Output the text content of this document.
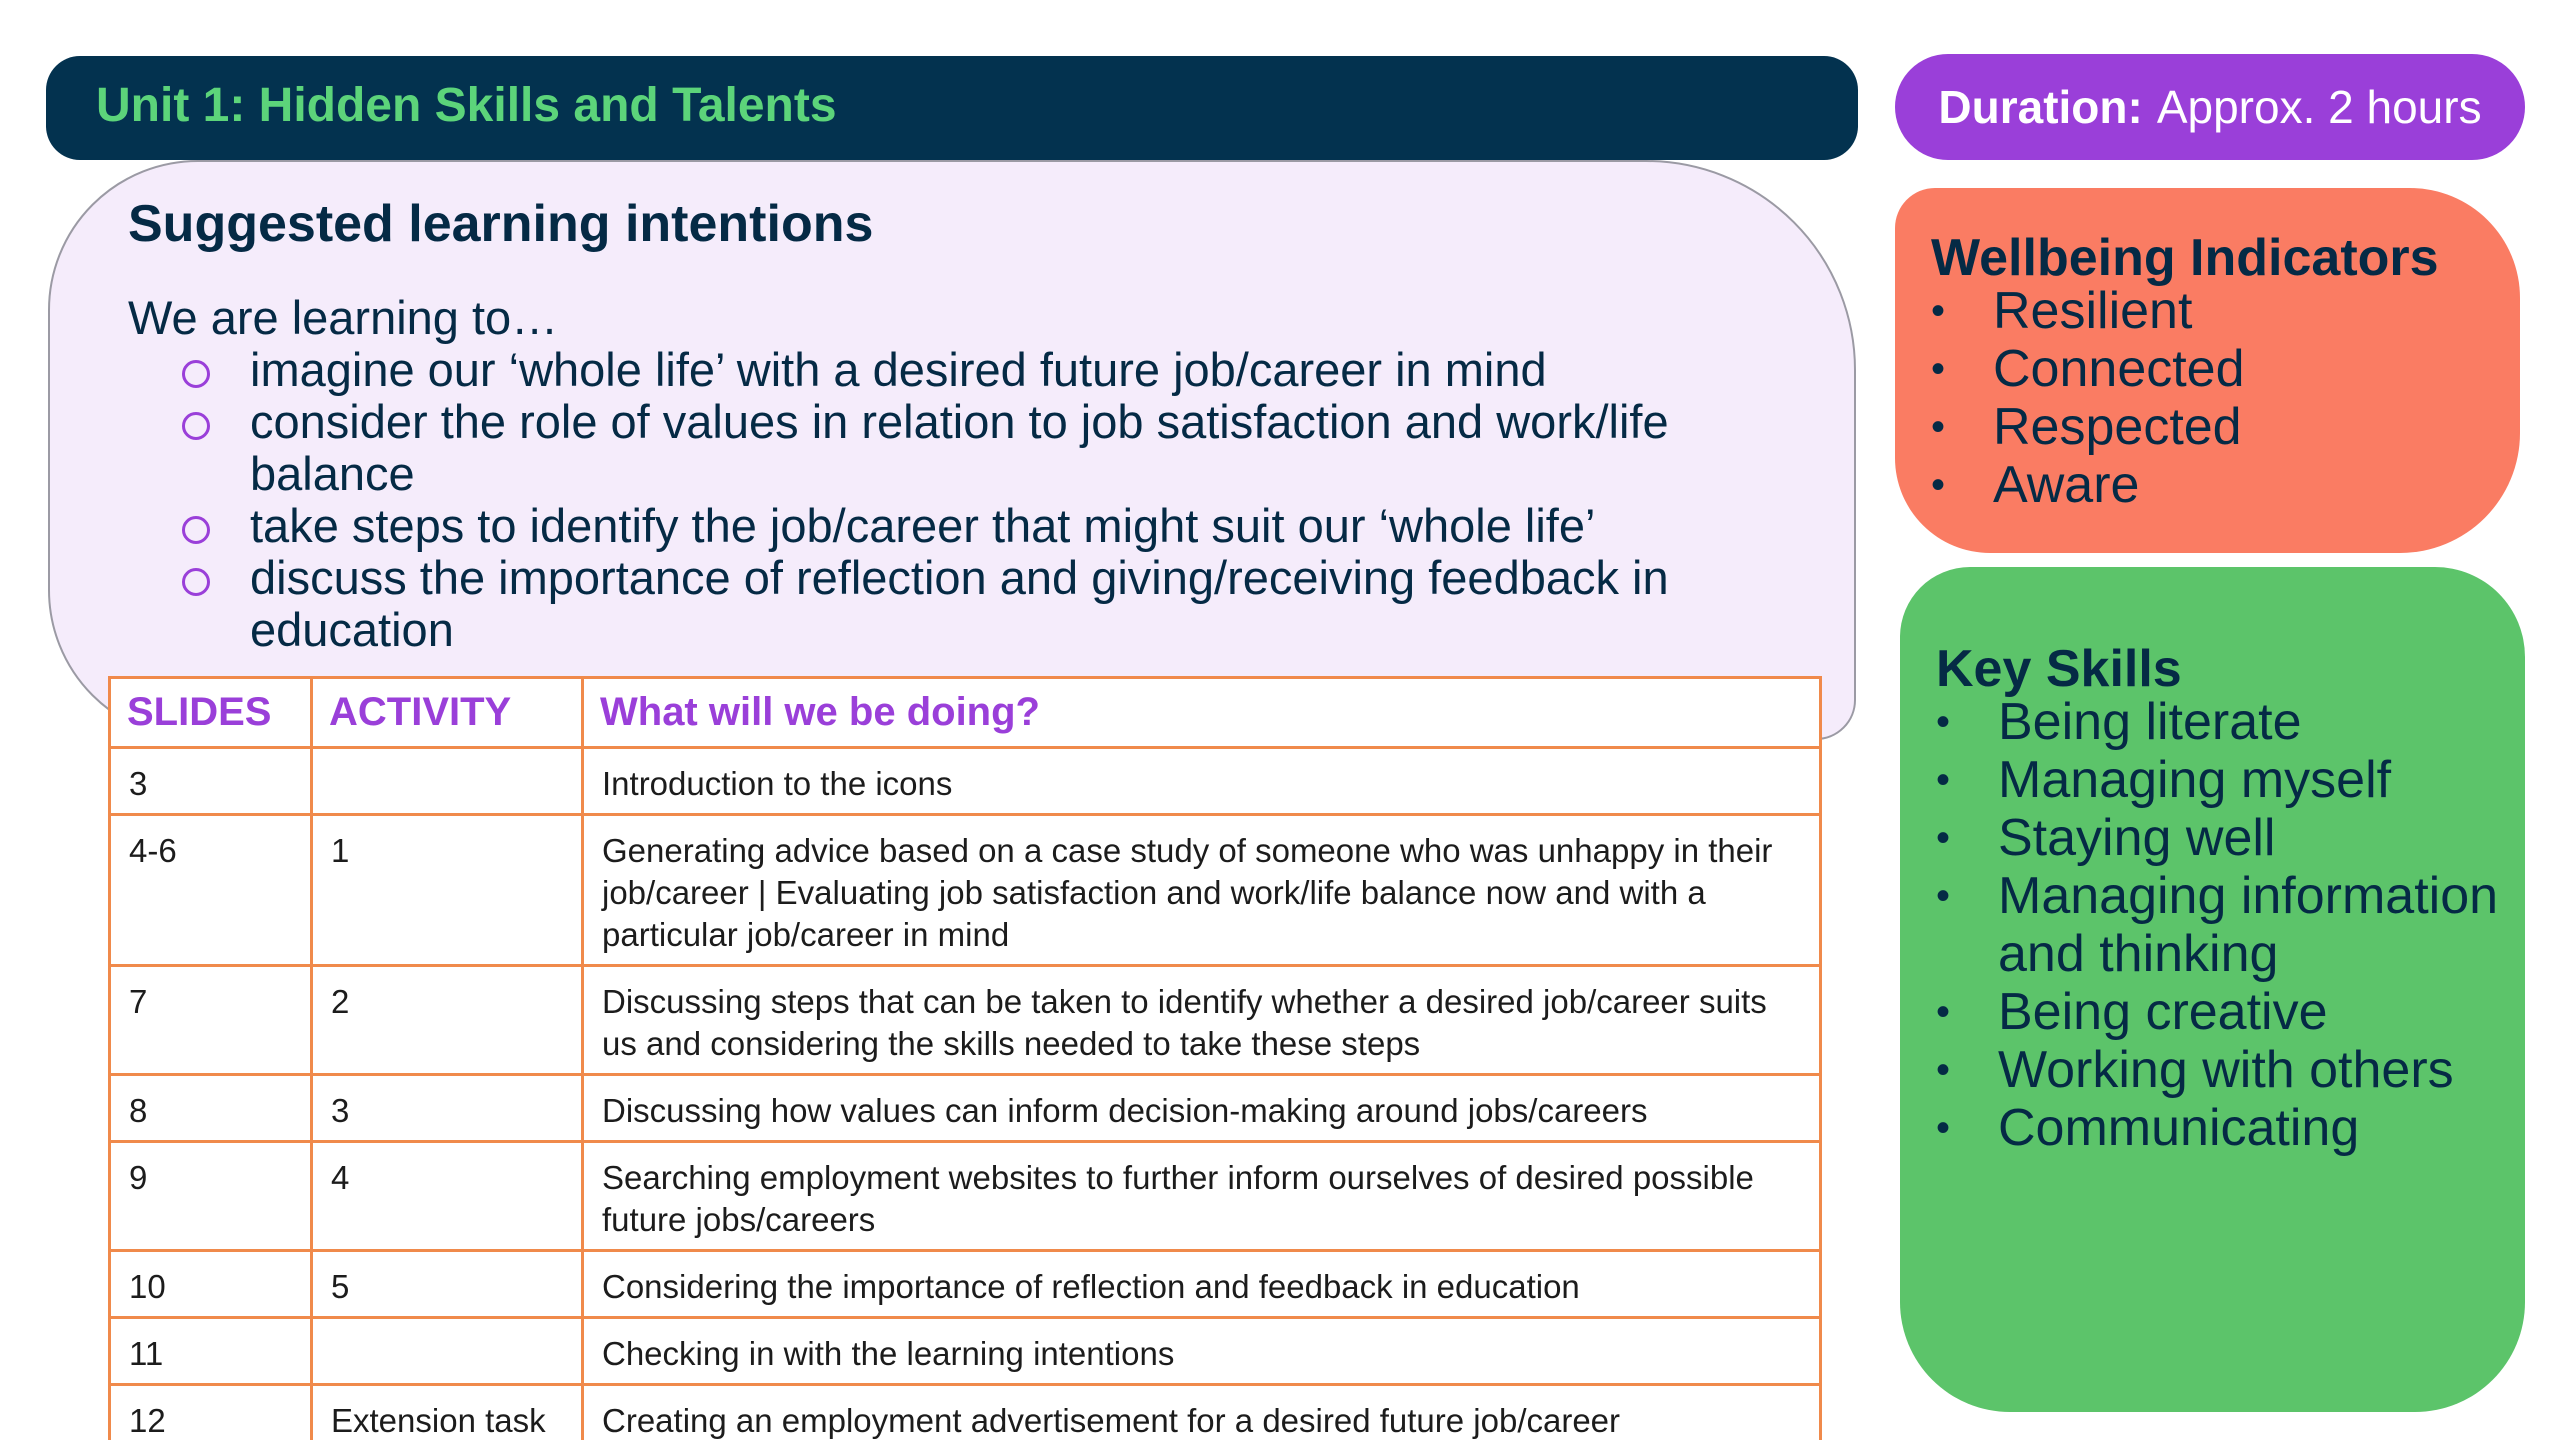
Unit 1: Hidden Skills and Talents	Duration: Approx. 2 hours
Suggested learning intentions
We are learning to…
imagine our ‘whole life’ with a desired future job/career in mind
consider the role of values in relation to job satisfaction and work/life balance
take steps to identify the job/career that might suit our ‘whole life’
discuss the importance of reflection and giving/receiving feedback in education
SLIDES	ACTIVITY	What will we be doing?
3		Introduction to the icons
4-6	1	Generating advice based on a case study of someone who was unhappy in their job/career | Evaluating job satisfaction and work/life balance now and with a particular job/career in mind
7	2	Discussing steps that can be taken to identify whether a desired job/career suits us and considering the skills needed to take these steps
8	3	Discussing how values can inform decision-making around jobs/careers
9	4	Searching employment websites to further inform ourselves of desired possible future jobs/careers
10	5	Considering the importance of reflection and feedback in education
11		Checking in with the learning intentions
12	Extension task	Creating an employment advertisement for a desired future job/career
Wellbeing Indicators
• Resilient
• Connected
• Respected
• Aware
Key Skills
• Being literate
• Managing myself
• Staying well
• Managing information and thinking
• Being creative
• Working with others
• Communicating
